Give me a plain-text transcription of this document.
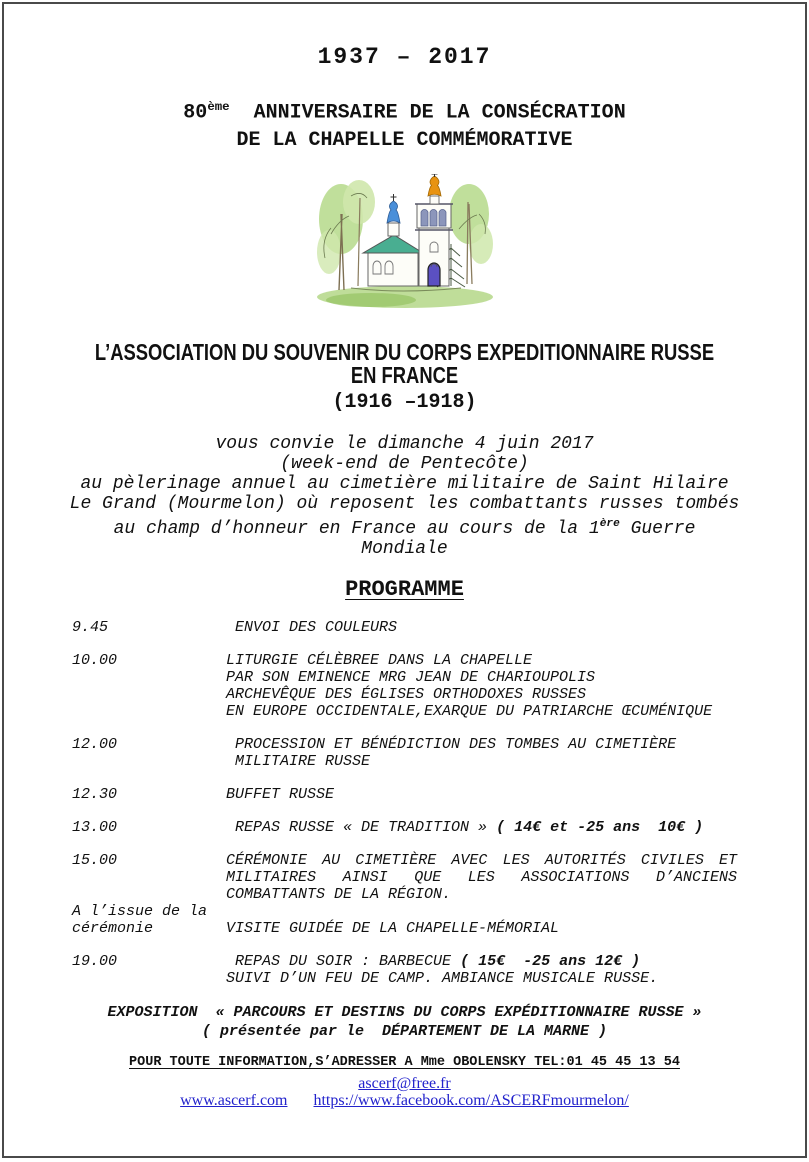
1937 – 2017
80ème  ANNIVERSAIRE DE LA CONSÉCRATION
DE LA CHAPELLE COMMÉMORATIVE
L’ASSOCIATION DU SOUVENIR DU CORPS EXPEDITIONNAIRE RUSSE EN FRANCE
(1916 –1918)
vous convie le dimanche 4 juin 2017
(week-end de Pentecôte)
au pèlerinage annuel au cimetière militaire de Saint Hilaire
Le Grand (Mourmelon) où reposent les combattants russes tombés
au champ d’honneur en France au cours de la 1ère Guerre
Mondiale
PROGRAMME
9.45	ENVOI DES COULEURS
10.00	LITURGIE CÉLÈBREE DANS LA CHAPELLE
PAR SON EMINENCE MRG JEAN DE CHARIOUPOLIS
ARCHEVÊQUE DES ÉGLISES ORTHODOXES RUSSES
EN EUROPE OCCIDENTALE,EXARQUE DU PATRIARCHE ŒCUMÉNIQUE
12.00	PROCESSION ET BÉNÉDICTION DES TOMBES AU CIMETIÈRE
MILITAIRE RUSSE
12.30	BUFFET RUSSE
13.00	REPAS RUSSE « DE TRADITION » ( 14€ et -25 ans  10€ )
15.00	CÉRÉMONIE AU CIMETIÈRE AVEC LES AUTORITÉS CIVILES ET
MILITAIRES AINSI QUE LES ASSOCIATIONS D’ANCIENS
COMBATTANTS DE LA RÉGION.
A l’issue de la
cérémonie	VISITE GUIDÉE DE LA CHAPELLE-MÉMORIAL
19.00	REPAS DU SOIR : BARBECUE ( 15€  -25 ans 12€ )
SUIVI D’UN FEU DE CAMP. AMBIANCE MUSICALE RUSSE.
EXPOSITION  « PARCOURS ET DESTINS DU CORPS EXPÉDITIONNAIRE RUSSE »
( présentée par le  DÉPARTEMENT DE LA MARNE )
POUR TOUTE INFORMATION,S’ADRESSER A Mme OBOLENSKY TEL:01 45 45 13 54
ascerf@free.fr
www.ascerf.com https://www.facebook.com/ASCERFmourmelon/
